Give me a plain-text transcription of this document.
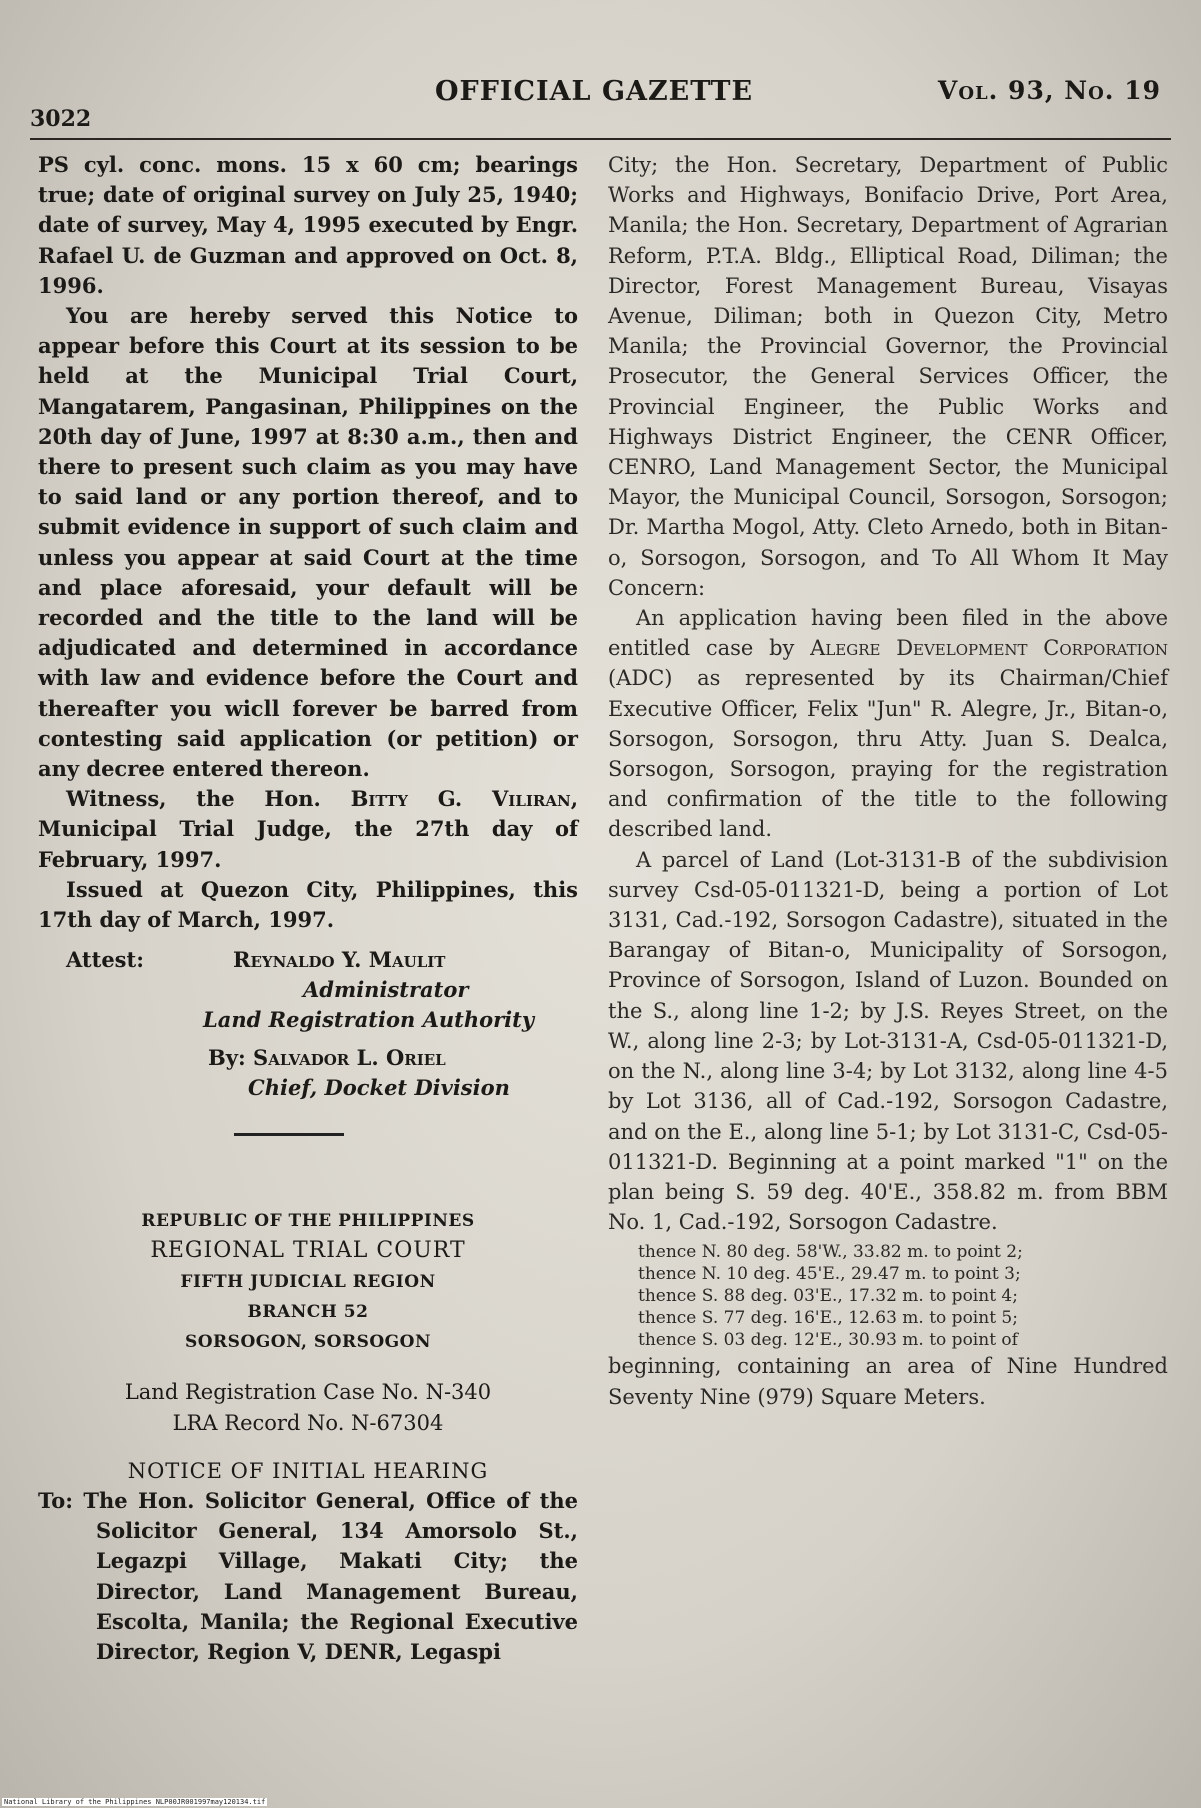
3022
OFFICIAL GAZETTE	Vol. 93, No. 19

PS cyl. conc. mons. 15 x 60 cm; bearings true; date of original survey on July 25, 1940; date of survey, May 4, 1995 executed by Engr. Rafael U. de Guzman and approved on Oct. 8, 1996.

You are hereby served this Notice to appear before this Court at its session to be held at the Municipal Trial Court, Mangatarem, Pangasinan, Philippines on the 20th day of June, 1997 at 8:30 a.m., then and there to present such claim as you may have to said land or any portion thereof, and to submit evidence in support of such claim and unless you appear at said Court at the time and place aforesaid, your default will be recorded and the title to the land will be adjudicated and determined in accordance with law and evidence before the Court and thereafter you wicll forever be barred from contesting said application (or petition) or any decree entered thereon.

Witness, the Hon. Bitty G. Viliran, Municipal Trial Judge, the 27th day of February, 1997.

Issued at Quezon City, Philippines, this 17th day of March, 1997.

Attest:	Reynaldo Y. Maulit
Administrator
Land Registration Authority
By: Salvador L. Oriel
Chief, Docket Division
REPUBLIC OF THE PHILIPPINES
REGIONAL TRIAL COURT
FIFTH JUDICIAL REGION
BRANCH 52
SORSOGON, SORSOGON
Land Registration Case No. N-340
LRA Record No. N-67304
NOTICE OF INITIAL HEARING

To: The Hon. Solicitor General, Office of the Solicitor General, 134 Amorsolo St., Legazpi Village, Makati City; the Director, Land Management Bureau, Escolta, Manila; the Regional Executive Director, Region V, DENR, Legaspi

City; the Hon. Secretary, Department of Public Works and Highways, Bonifacio Drive, Port Area, Manila; the Hon. Secretary, Department of Agrarian Reform, P.T.A. Bldg., Elliptical Road, Diliman; the Director, Forest Management Bureau, Visayas Avenue, Diliman; both in Quezon City, Metro Manila; the Provincial Governor, the Provincial Prosecutor, the General Services Officer, the Provincial Engineer, the Public Works and Highways District Engineer, the CENR Officer, CENRO, Land Management Sector, the Municipal Mayor, the Municipal Council, Sorsogon, Sorsogon; Dr. Martha Mogol, Atty. Cleto Arnedo, both in Bitan-o, Sorsogon, Sorsogon, and To All Whom It May Concern:

An application having been filed in the above entitled case by Alegre Development Corporation (ADC) as represented by its Chairman/Chief Executive Officer, Felix "Jun" R. Alegre, Jr., Bitan-o, Sorsogon, Sorsogon, thru Atty. Juan S. Dealca, Sorsogon, Sorsogon, praying for the registration and confirmation of the title to the following described land.

A parcel of Land (Lot-3131-B of the subdivision survey Csd-05-011321-D, being a portion of Lot 3131, Cad.-192, Sorsogon Cadastre), situated in the Barangay of Bitan-o, Municipality of Sorsogon, Province of Sorsogon, Island of Luzon. Bounded on the S., along line 1-2; by J.S. Reyes Street, on the W., along line 2-3; by Lot-3131-A, Csd-05-011321-D, on the N., along line 3-4; by Lot 3132, along line 4-5 by Lot 3136, all of Cad.-192, Sorsogon Cadastre, and on the E., along line 5-1; by Lot 3131-C, Csd-05-011321-D. Beginning at a point marked "1" on the plan being S. 59 deg. 40'E., 358.82 m. from BBM No. 1, Cad.-192, Sorsogon Cadastre.

thence N. 80 deg. 58'W., 33.82 m. to point 2;
thence N. 10 deg. 45'E., 29.47 m. to point 3;
thence S. 88 deg. 03'E., 17.32 m. to point 4;
thence S. 77 deg. 16'E., 12.63 m. to point 5;
thence S. 03 deg. 12'E., 30.93 m. to point of

beginning, containing an area of Nine Hundred Seventy Nine (979) Square Meters.

National Library of the Philippines NLP00JR001997may120134.tif
